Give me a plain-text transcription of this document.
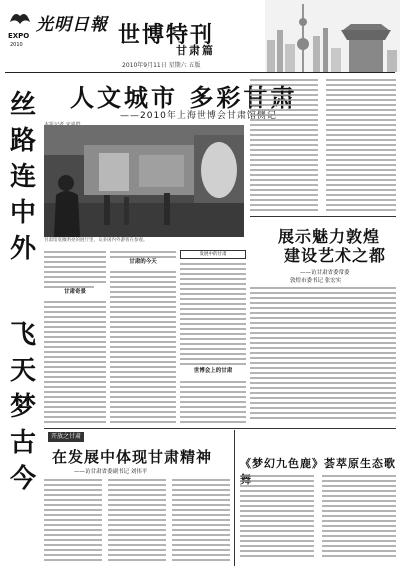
EXPO
2010
光明日報 世博特刊
甘肃篇
2010年9月11日 星期六 五版
丝
路
连
中
外
飞
天
梦
古
今
人文城市 多彩甘肃
——2010年上海世博会甘肃馆侧记
甘肃馆宽敞明亮的展厅里，众多国内外游客在参观。
甘肃奇景
甘肃的今天
发展中的甘肃
世博会上的甘肃
展示魅力敦煌
建设艺术之都
——访甘肃省委常委
敦煌市委书记 张宏实
开放之甘肃
在发展中体现甘肃精神
——访甘肃省委副书记 刘伟平
《梦幻九色鹿》荟萃原生态歌舞
